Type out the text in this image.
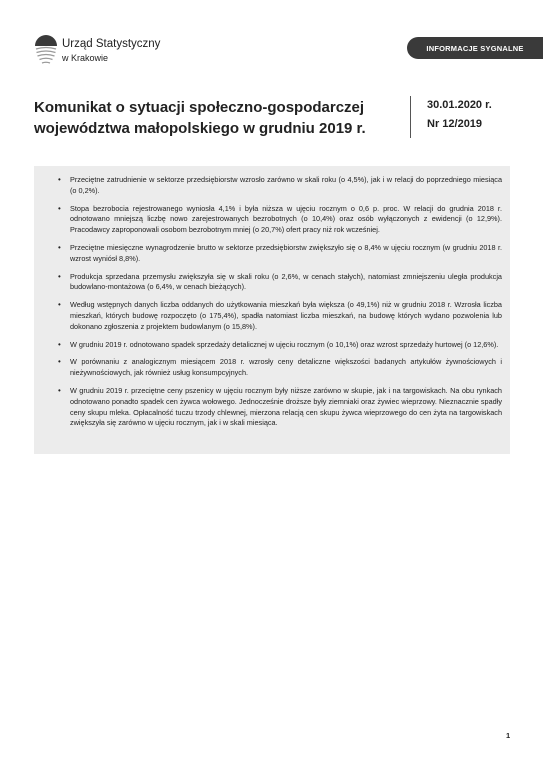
Urząd Statystyczny
w Krakowie
INFORMACJE SYGNALNE
Komunikat o sytuacji społeczno-gospodarczej
województwa małopolskiego w grudniu 2019 r.
30.01.2020 r.
Nr 12/2019
• Przeciętne zatrudnienie w sektorze przedsiębiorstw wzrosło zarówno w skali roku (o 4,5%), jak i w relacji do poprzedniego miesiąca (o 0,2%).
• Stopa bezrobocia rejestrowanego wyniosła 4,1% i była niższa w ujęciu rocznym o 0,6 p. proc. W relacji do grudnia 2018 r. odnotowano mniejszą liczbę nowo zarejestrowanych bezrobotnych (o 10,4%) oraz osób wyłączonych z ewidencji (o 12,9%). Pracodawcy zaproponowali osobom bezrobotnym mniej (o 20,7%) ofert pracy niż rok wcześniej.
• Przeciętne miesięczne wynagrodzenie brutto w sektorze przedsiębiorstw zwiększyło się o 8,4% w ujęciu rocznym (w grudniu 2018 r. wzrost wyniósł 8,8%).
• Produkcja sprzedana przemysłu zwiększyła się w skali roku (o 2,6%, w cenach stałych), natomiast zmniejszeniu uległa produkcja budowlano-montażowa (o 6,4%, w cenach bieżących).
• Według wstępnych danych liczba oddanych do użytkowania mieszkań była większa (o 49,1%) niż w grudniu 2018 r. Wzrosła liczba mieszkań, których budowę rozpoczęto (o 175,4%), spadła natomiast liczba mieszkań, na budowę których wydano pozwolenia lub dokonano zgłoszenia z projektem budowlanym (o 15,8%).
• W grudniu 2019 r. odnotowano spadek sprzedaży detalicznej w ujęciu rocznym (o 10,1%) oraz wzrost sprzedaży hurtowej (o 12,6%).
• W porównaniu z analogicznym miesiącem 2018 r. wzrosły ceny detaliczne większości badanych artykułów żywnościowych i nieżywnościowych, jak również usług konsumpcyjnych.
• W grudniu 2019 r. przeciętne ceny pszenicy w ujęciu rocznym były niższe zarówno w skupie, jak i na targowiskach. Na obu rynkach odnotowano ponadto spadek cen żywca wołowego. Jednocześnie droższe były ziemniaki oraz żywiec wieprzowy. Nieznacznie spadły ceny skupu mleka. Opłacalność tuczu trzody chlewnej, mierzona relacją cen skupu żywca wieprzowego do cen żyta na targowiskach zwiększyła się zarówno w ujęciu rocznym, jak i w skali miesiąca.
1
